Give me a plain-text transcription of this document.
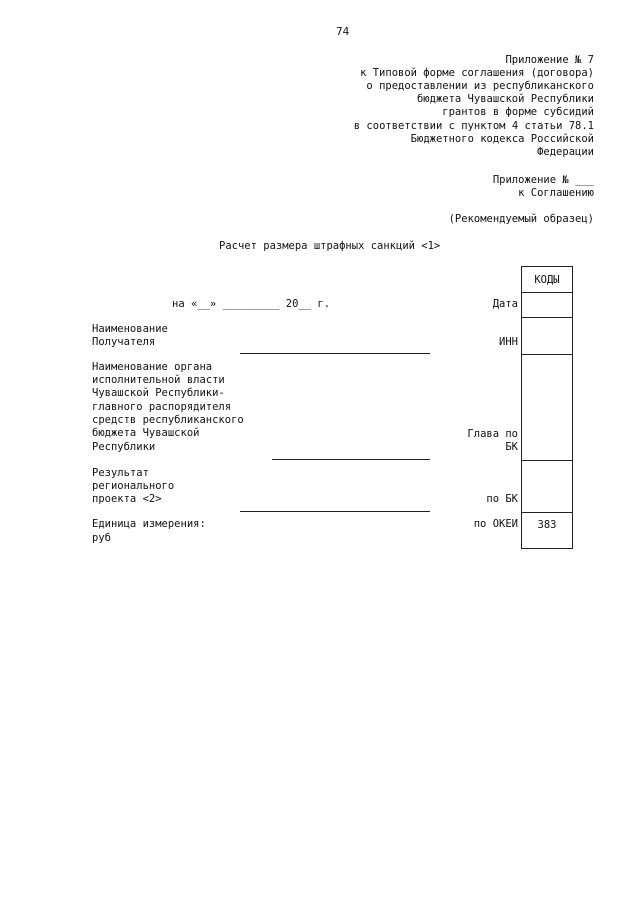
74
Приложение № 7
к Типовой форме соглашения (договора)
о предоставлении из республиканского
бюджета Чувашской Республики
грантов в форме субсидий
в соответствии с пунктом 4 статьи 78.1
Бюджетного кодекса Российской
Федерации
Приложение № ___
к Соглашению
(Рекомендуемый образец)
Расчет размера штрафных санкций <1>
на «__» _________ 20__ г.
Наименование
Получателя
Наименование органа
исполнительной власти
Чувашской Республики-
главного распорядителя
средств республиканского
бюджета Чувашской
Республики
Результат
регионального
проекта <2>
Единица измерения:
руб
Дата
ИНН
Глава по
БК
по БК
по ОКЕИ
КОДЫ
383
